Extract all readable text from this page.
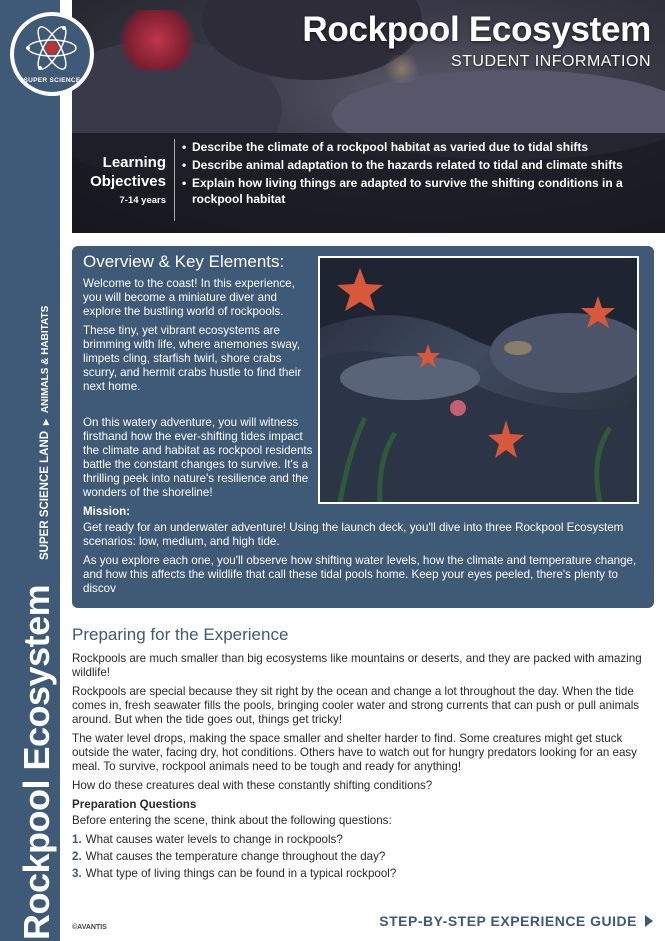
SUPER SCIENCE LAND
▸
ANIMALS & HABITATS
Rockpool Ecosystem
SUPER SCIENCE
Rockpool Ecosystem
STUDENT INFORMATION
Learning
Objectives
7-14 years
• Describe the climate of a rockpool habitat as varied due to tidal shifts
• Describe animal adaptation to the hazards related to tidal and climate shifts
• Explain how living things are adapted to survive the shifting conditions in a rockpool habitat
Overview & Key Elements:

Welcome to the coast! In this experience, you will become a miniature diver and explore the bustling world of rockpools.

These tiny, yet vibrant ecosystems are brimming with life, where anemones sway, limpets cling, starfish twirl, shore crabs scurry, and hermit crabs hustle to find their next home.

On this watery adventure, you will witness firsthand how the ever-shifting tides impact the climate and habitat as rockpool residents battle the constant changes to survive. It's a thrilling peek into nature's resilience and the wonders of the shoreline!

Mission:

Get ready for an underwater adventure! Using the launch deck, you'll dive into three Rockpool Ecosystem scenarios: low, medium, and high tide.

As you explore each one, you'll observe how shifting water levels, how the climate and temperature change, and how this affects the wildlife that call these tidal pools home. Keep your eyes peeled, there's plenty to discov

Preparing for the Experience

Rockpools are much smaller than big ecosystems like mountains or deserts, and they are packed with amazing wildlife!

Rockpools are special because they sit right by the ocean and change a lot throughout the day. When the tide comes in, fresh seawater fills the pools, bringing cooler water and strong currents that can push or pull animals around. But when the tide goes out, things get tricky!

The water level drops, making the space smaller and shelter harder to find. Some creatures might get stuck outside the water, facing dry, hot conditions. Others have to watch out for hungry predators looking for an easy meal. To survive, rockpool animals need to be tough and ready for anything!

How do these creatures deal with these constantly shifting conditions?

Preparation Questions

Before entering the scene, think about the following questions:

1. What causes water levels to change in rockpools?
2. What causes the temperature change throughout the day?
3. What type of living things can be found in a typical rockpool?
©AVANTIS	STEP-BY-STEP EXPERIENCE GUIDE
